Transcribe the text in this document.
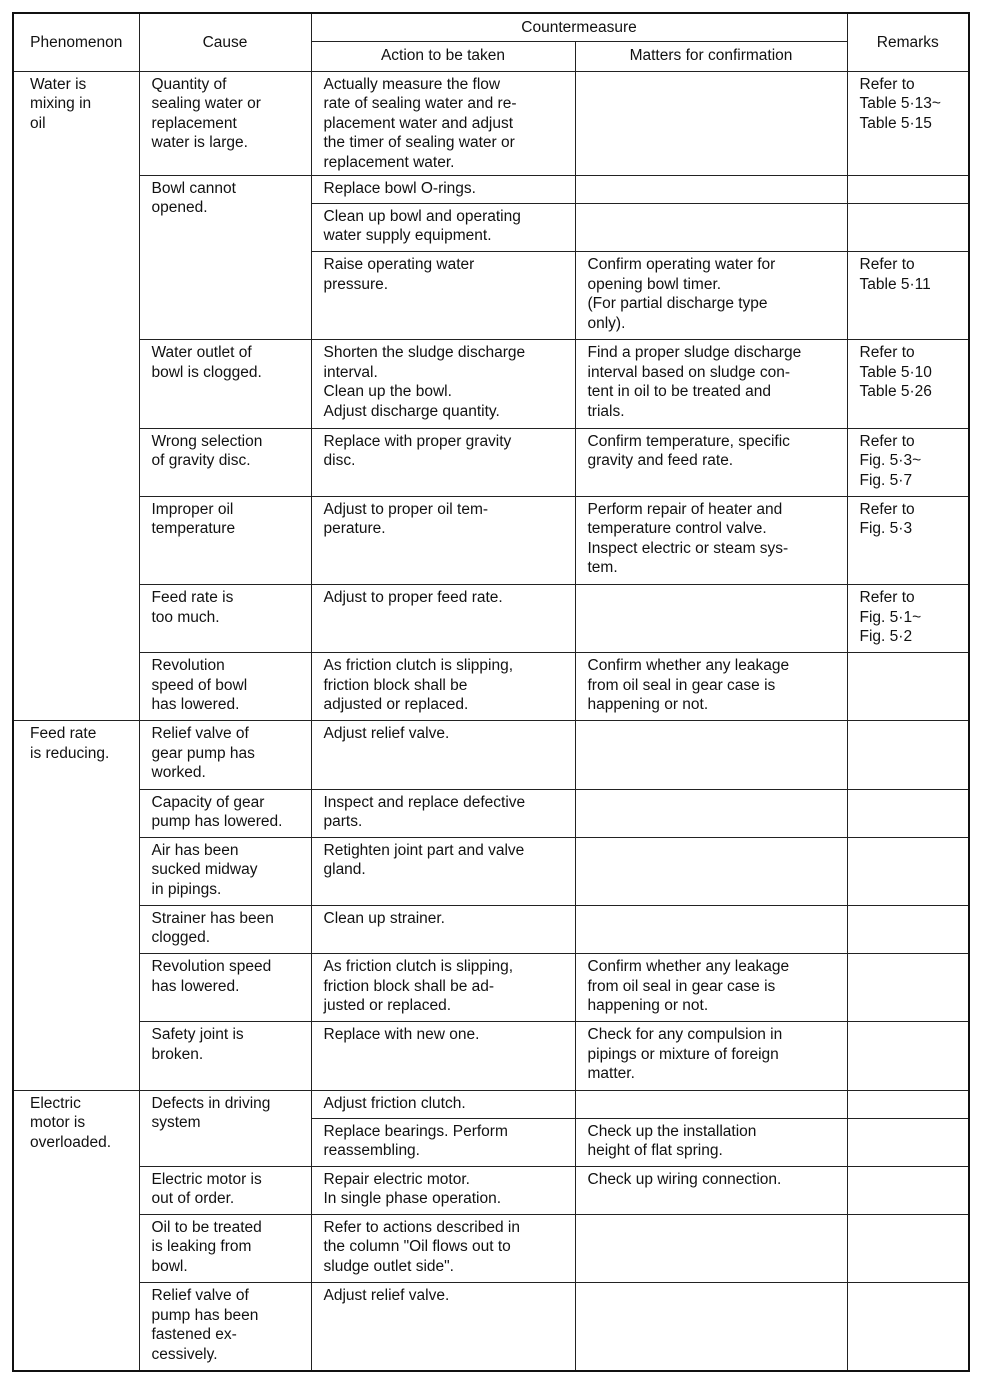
Phenomenon	Cause	Countermeasure		Remarks
		Action to be taken	Matters for confirmation	
Water is
mixing in
oil	Quantity of
sealing water or
replacement
water is large.	Actually measure the flow
rate of sealing water and re-
placement water and adjust
the timer of sealing water or
replacement water.		Refer to
Table 5·13~
Table 5·15
	Bowl cannot
opened.	Replace bowl O-rings.		
		Clean up bowl and operating
water supply equipment.		
		Raise operating water
pressure.	Confirm operating water for
opening bowl timer.
(For partial discharge type
only).	Refer to
Table 5·11
	Water outlet of
bowl is clogged.	Shorten the sludge discharge
interval.
Clean up the bowl.
Adjust discharge quantity.	Find a proper sludge discharge
interval based on sludge con-
tent in oil to be treated and
trials.	Refer to
Table 5·10
Table 5·26
	Wrong selection
of gravity disc.	Replace with proper gravity
disc.	Confirm temperature, specific
gravity and feed rate.	Refer to
Fig. 5·3~
Fig. 5·7
	Improper oil
temperature	Adjust to proper oil tem-
perature.	Perform repair of heater and
temperature control valve.
Inspect electric or steam sys-
tem.	Refer to
Fig. 5·3
	Feed rate is
too much.	Adjust to proper feed rate.		Refer to
Fig. 5·1~
Fig. 5·2
	Revolution
speed of bowl
has lowered.	As friction clutch is slipping,
friction block shall be
adjusted or replaced.	Confirm whether any leakage
from oil seal in gear case is
happening or not.	
Feed rate
is reducing.	Relief valve of
gear pump has
worked.	Adjust relief valve.		
	Capacity of gear
pump has lowered.	Inspect and replace defective
parts.		
	Air has been
sucked midway
in pipings.	Retighten joint part and valve
gland.		
	Strainer has been
clogged.	Clean up strainer.		
	Revolution speed
has lowered.	As friction clutch is slipping,
friction block shall be ad-
justed or replaced.	Confirm whether any leakage
from oil seal in gear case is
happening or not.	
	Safety joint is
broken.	Replace with new one.	Check for any compulsion in
pipings or mixture of foreign
matter.	
Electric
motor is
overloaded.	Defects in driving
system	Adjust friction clutch.		
		Replace bearings. Perform
reassembling.	Check up the installation
height of flat spring.	
	Electric motor is
out of order.	Repair electric motor.
In single phase operation.	Check up wiring connection.	
	Oil to be treated
is leaking from
bowl.	Refer to actions described in
the column "Oil flows out to
sludge outlet side".		
	Relief valve of
pump has been
fastened ex-
cessively.	Adjust relief valve.		
